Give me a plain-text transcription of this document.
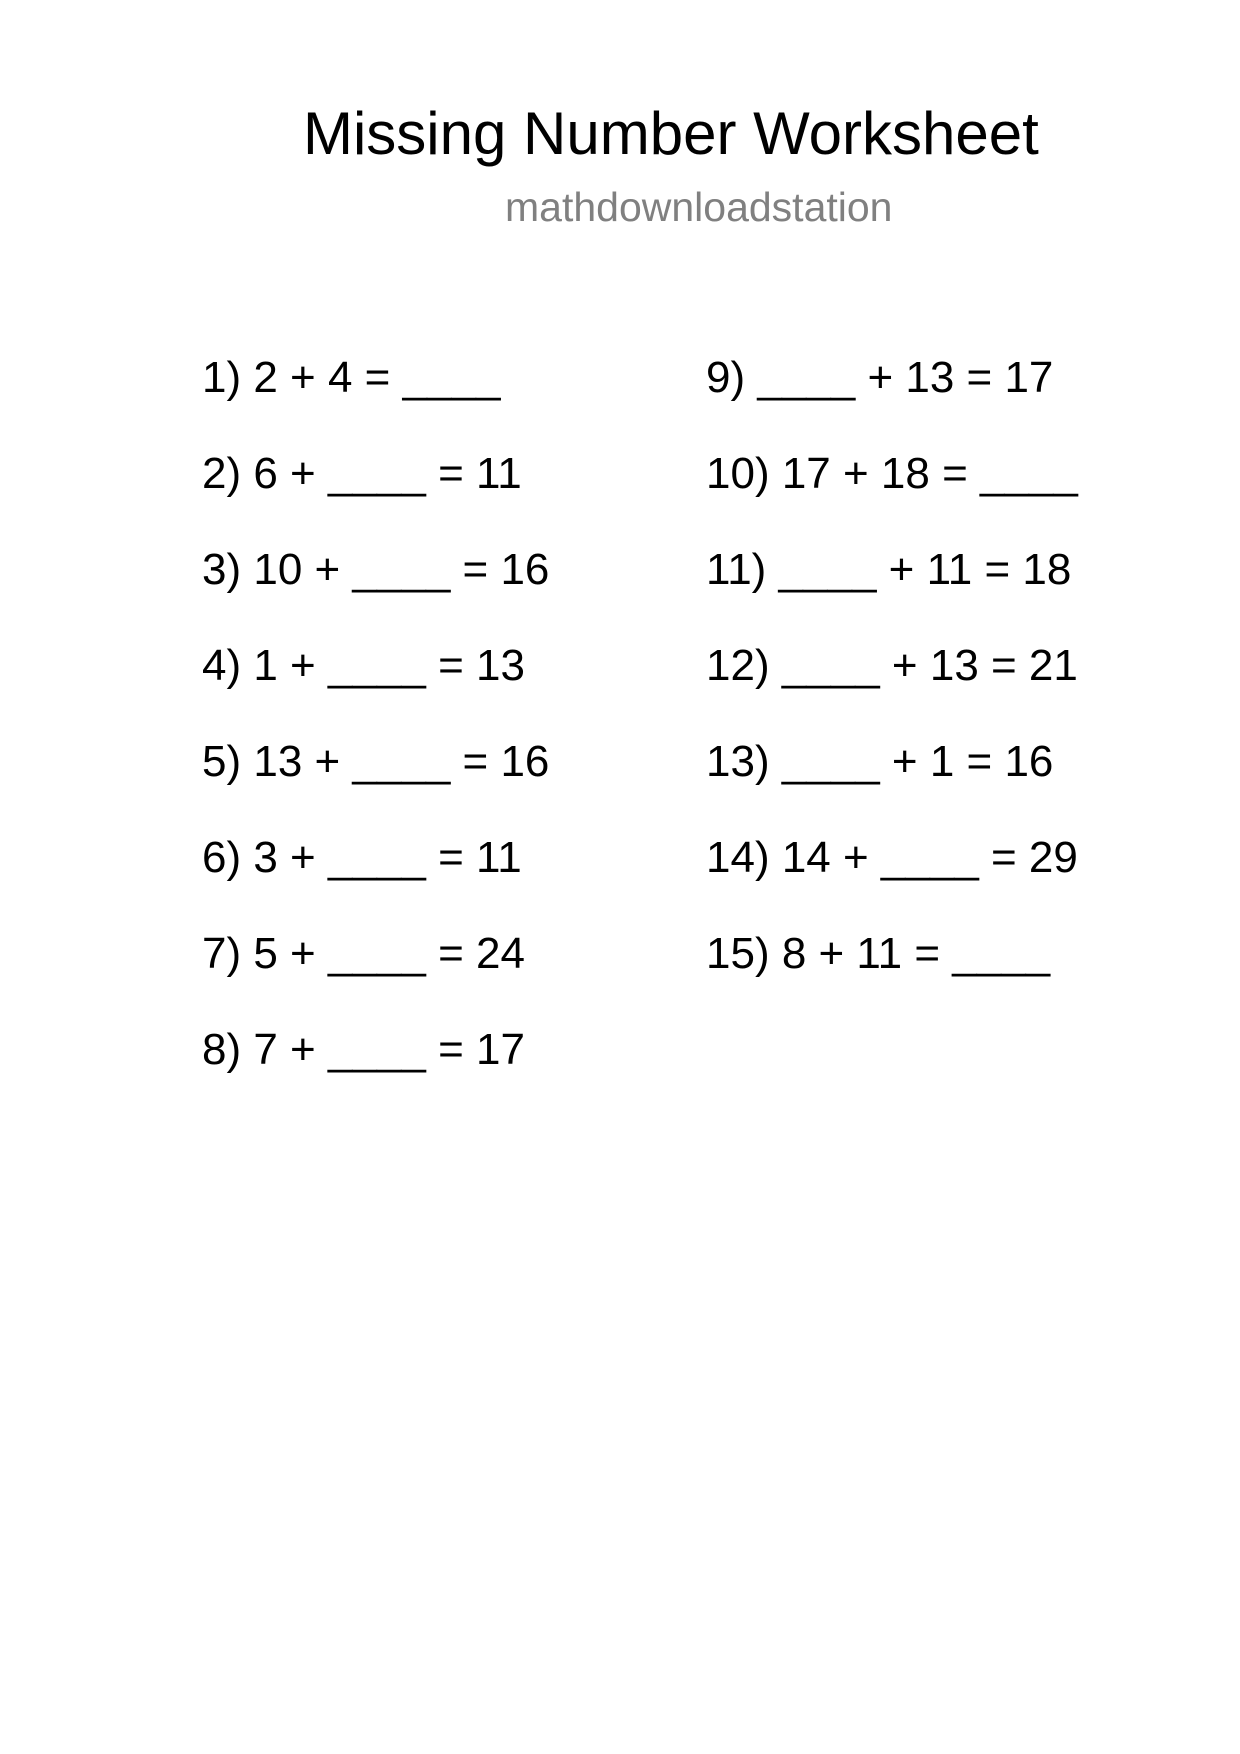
Missing Number Worksheet
mathdownloadstation
1) 2 + 4 = ____
2) 6 + ____ = 11
3) 10 + ____ = 16
4) 1 + ____ = 13
5) 13 + ____ = 16
6) 3 + ____ = 11
7) 5 + ____ = 24
8) 7 + ____ = 17
9) ____ + 13 = 17
10) 17 + 18 = ____
11) ____ + 11 = 18
12) ____ + 13 = 21
13) ____ + 1 = 16
14) 14 + ____ = 29
15) 8 + 11 = ____
